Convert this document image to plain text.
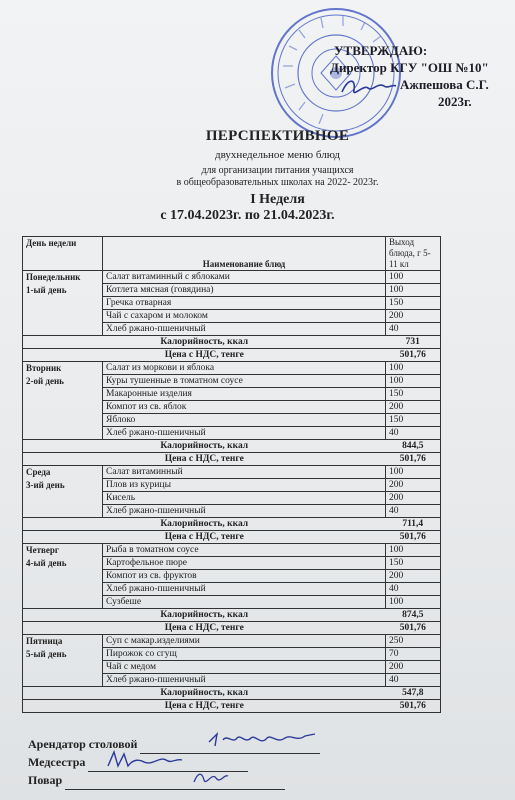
УТВЕРЖДАЮ:
Директор КГУ "ОШ №10"
Ажпешова С.Г.
2023г.
ПЕРСПЕКТИВНОЕ
двухнедельное меню блюд
для организации питания учащихся
в общеобразовательных школах на 2022- 2023г.
I Неделя
с 17.04.2023г. по 21.04.2023г.
День недели	Наименование блюд	Выход блюда, г 5-11 кл
Понедельник	Салат витаминный с яблоками	100
1-ый день	Котлета мясная (говядина)	100
	Гречка отварная	150
	Чай с сахаром и молоком	200
	Хлеб ржано-пшеничный	40
Калорийность, ккал		731
Цена с НДС, тенге		501,76
Вторник	Салат из моркови и яблока	100
2-ой день	Куры тушенные в томатном соусе	100
	Макаронные изделия	150
	Компот из св. яблок	200
	Яблоко	150
	Хлеб ржано-пшеничный	40
Калорийность, ккал		844,5
Цена с НДС, тенге		501,76
Среда	Салат витаминный	100
3-ий день	Плов из курицы	200
	Кисель	200
	Хлеб ржано-пшеничный	40
Калорийность, ккал		711,4
Цена с НДС, тенге		501,76
Четверг	Рыба в томатном соусе	100
4-ый день	Картофельное пюре	150
	Компот из св. фруктов	200
	Хлеб ржано-пшеничный	40
	Сузбеше	100
Калорийность, ккал		874,5
Цена с НДС, тенге		501,76
Пятница	Суп с макар.изделиями	250
5-ый день	Пирожок со сгущ	70
	Чай с медом	200
	Хлеб ржано-пшеничный	40
Калорийность, ккал		547,8
Цена с НДС, тенге		501,76
Арендатор столовой
Медсестра
Повар
